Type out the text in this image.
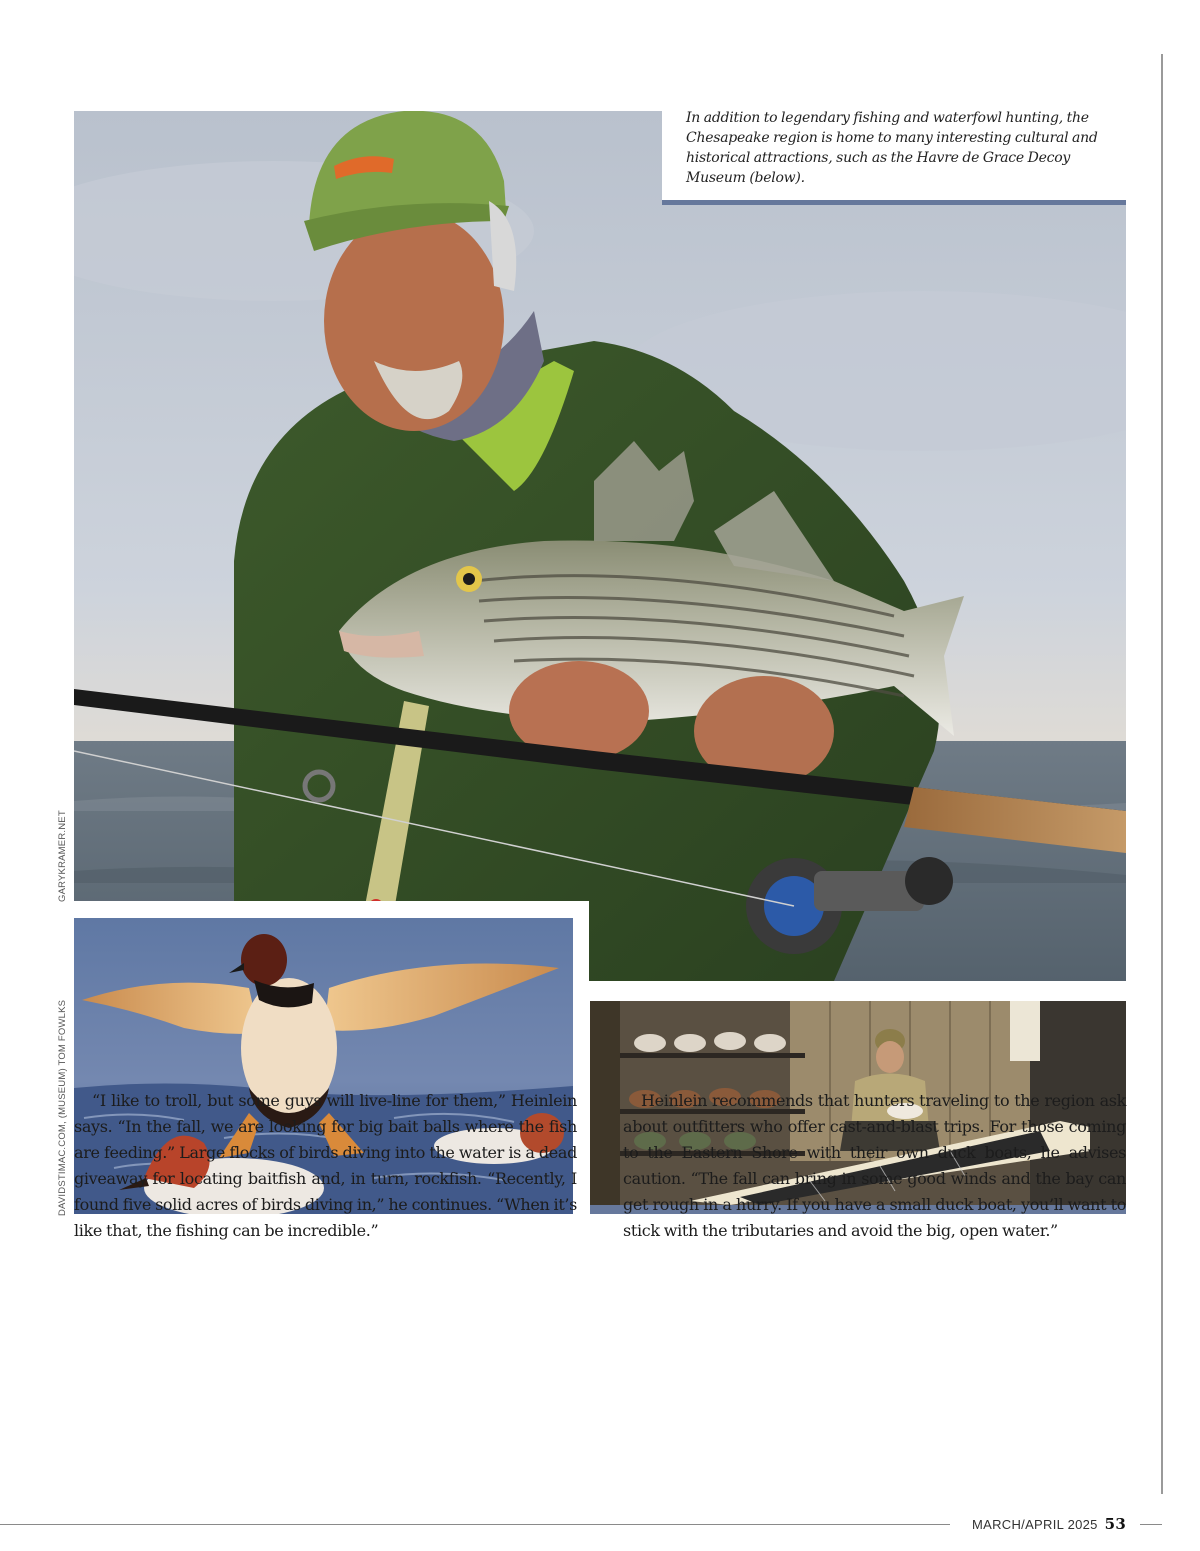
In addition to legendary fishing and waterfowl hunting, the Chesapeake region is home to many interesting cultural and historical attractions, such as the Havre de Grace Decoy Museum (below).
GARYKRAMER.NET
DAVIDSTIMAC.COM, (MUSEUM) TOM FOWLKS	“I like to troll, but some guys will live-line for them,” Heinlein says. “In the fall, we are looking for big bait balls where the fish are feeding.” Large flocks of birds diving into the water is a dead giveaway for locating baitfish and, in turn, rockfish. “Recently, I found five solid acres of birds diving in,” he continues. “When it’s like that, the fishing can be incredible.”

Heinlein recommends that hunters traveling to the region ask about outfitters who offer cast-and-blast trips. For those coming to the Eastern Shore with their own duck boats, he advises caution. “The fall can bring in some good winds and the bay can get rough in a hurry. If you have a small duck boat, you’ll want to stick with the tributaries and avoid the big, open water.”

MARCH/APRIL 2025 53
